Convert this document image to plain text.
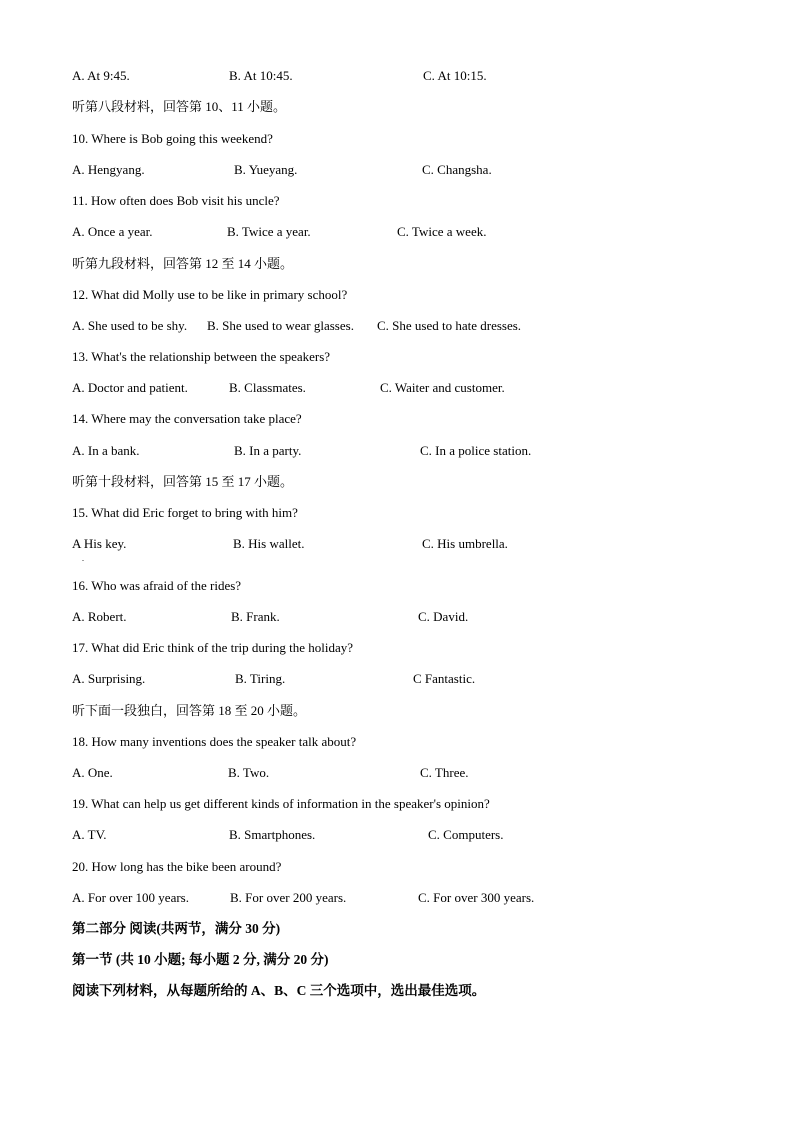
A. At 9:45.	B. At 10:45.	C. At 10:15.
听第八段材料，回答第 10、11 小题。
10. Where is Bob going this weekend?
A. Hengyang.	B. Yueyang.	C. Changsha.
11. How often does Bob visit his uncle?
A. Once a year.	B. Twice a year.	C. Twice a week.
听第九段材料，回答第 12 至 14 小题。
12. What did Molly use to be like in primary school?
A. She used to be shy. B. She used to wear glasses. C. She used to hate dresses.
13. What's the relationship between the speakers?
A. Doctor and patient.	B. Classmates.	C. Waiter and customer.
14. Where may the conversation take place?
A. In a bank.	B. In a party.	C. In a police station.
听第十段材料，回答第 15 至 17 小题。
15. What did Eric forget to bring with him?
A His key.	B. His wallet.	C. His umbrella.
.
16. Who was afraid of the rides?
A. Robert.	B. Frank.	C. David.
17. What did Eric think of the trip during the holiday?
A. Surprising.	B. Tiring.	C Fantastic.
听下面一段独白，回答第 18 至 20 小题。
18. How many inventions does the speaker talk about?
A. One.	B. Two.	C. Three.
19. What can help us get different kinds of information in the speaker's opinion?
A. TV.	B. Smartphones.	C. Computers.
20. How long has the bike been around?
A. For over 100 years.	B. For over 200 years.	C. For over 300 years.
第二部分 阅读(共两节，满分 30 分)
第一节 (共 10 小题; 每小题 2 分, 满分 20 分)
阅读下列材料，从每题所给的 A、B、C 三个选项中，选出最佳选项。
